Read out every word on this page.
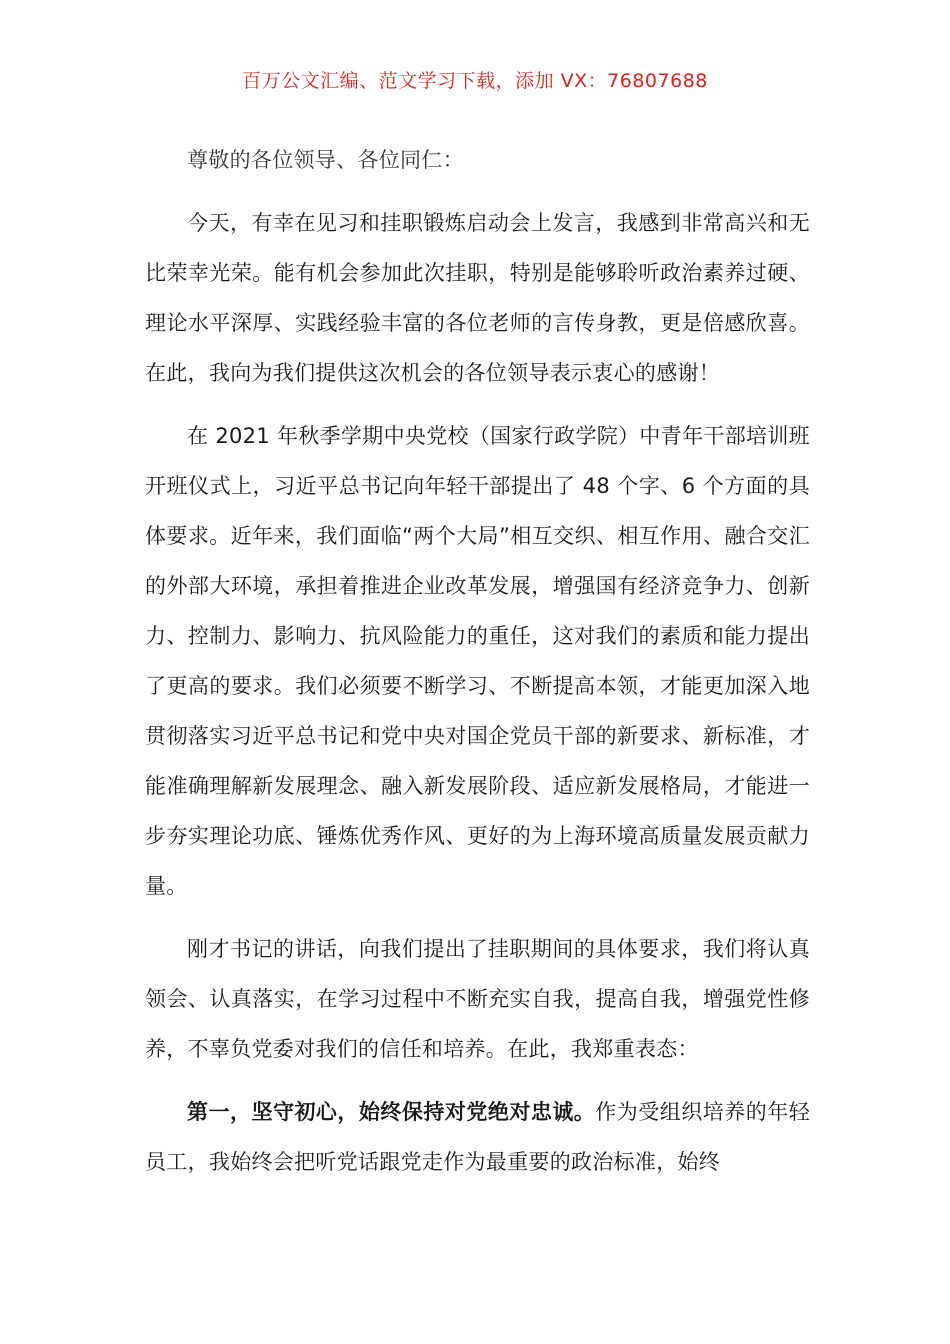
百万公文汇编、范文学习下载，添加 VX：76807688

尊敬的各位领导、各位同仁：

今天，有幸在见习和挂职锻炼启动会上发言，我感到非常高兴和无比荣幸光荣。能有机会参加此次挂职，特别是能够聆听政治素养过硬、理论水平深厚、实践经验丰富的各位老师的言传身教，更是倍感欣喜。在此，我向为我们提供这次机会的各位领导表示衷心的感谢！

在 2021 年秋季学期中央党校（国家行政学院）中青年干部培训班开班仪式上，习近平总书记向年轻干部提出了 48 个字、6 个方面的具体要求。近年来，我们面临“两个大局”相互交织、相互作用、融合交汇的外部大环境，承担着推进企业改革发展，增强国有经济竞争力、创新力、控制力、影响力、抗风险能力的重任，这对我们的素质和能力提出了更高的要求。我们必须要不断学习、不断提高本领，才能更加深入地贯彻落实习近平总书记和党中央对国企党员干部的新要求、新标准，才能准确理解新发展理念、融入新发展阶段、适应新发展格局，才能进一步夯实理论功底、锤炼优秀作风、更好的为上海环境高质量发展贡献力量。

刚才书记的讲话，向我们提出了挂职期间的具体要求，我们将认真领会、认真落实，在学习过程中不断充实自我，提高自我，增强党性修养，不辜负党委对我们的信任和培养。在此，我郑重表态：

第一，坚守初心，始终保持对党绝对忠诚。作为受组织培养的年轻员工，我始终会把听党话跟党走作为最重要的政治标准，始终
